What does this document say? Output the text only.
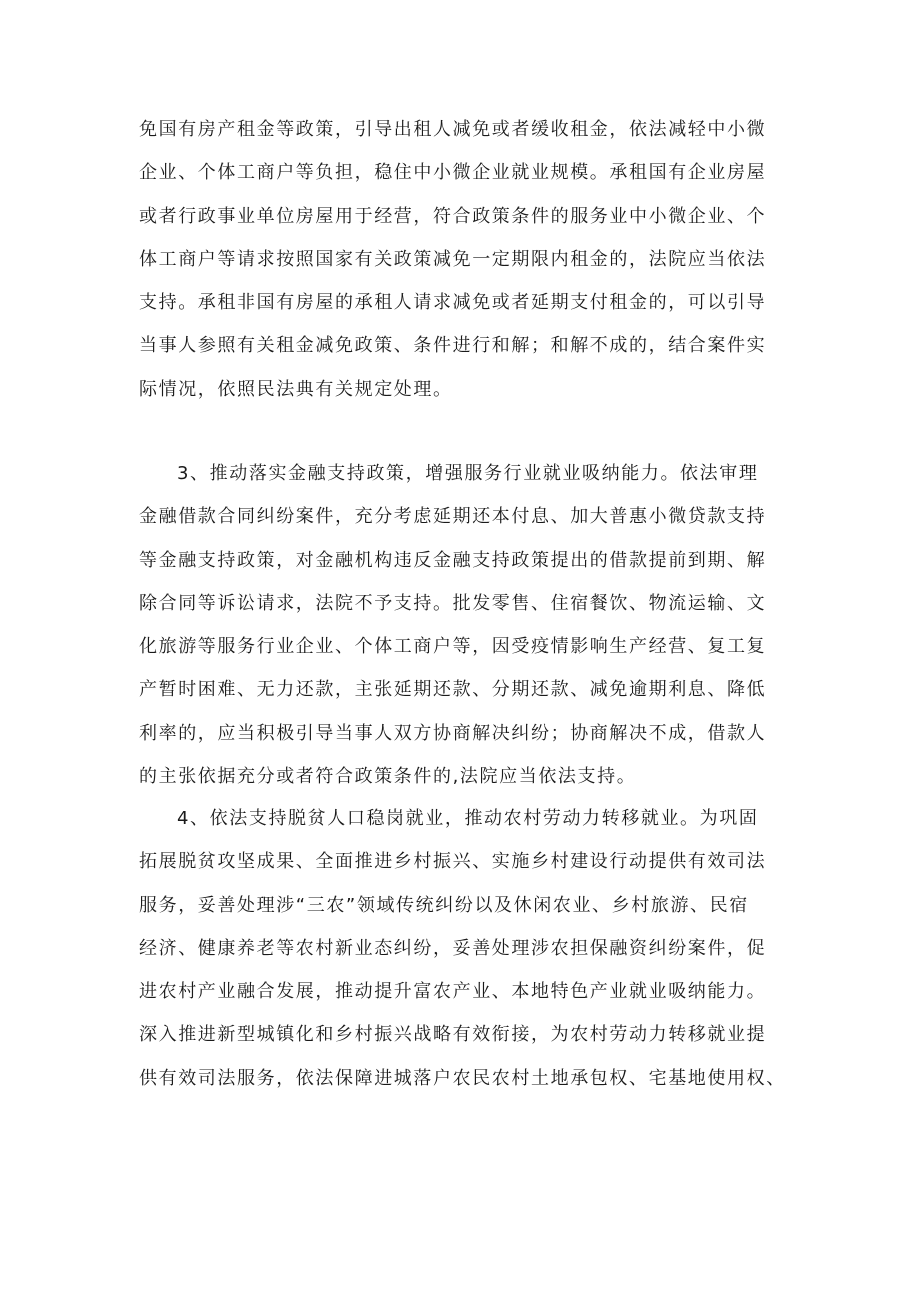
免国有房产租金等政策，引导出租人减免或者缓收租金，依法减轻中小微
企业、个体工商户等负担，稳住中小微企业就业规模。承租国有企业房屋
或者行政事业单位房屋用于经营，符合政策条件的服务业中小微企业、个
体工商户等请求按照国家有关政策减免一定期限内租金的，法院应当依法
支持。承租非国有房屋的承租人请求减免或者延期支付租金的，可以引导
当事人参照有关租金减免政策、条件进行和解；和解不成的，结合案件实
际情况，依照民法典有关规定处理。
3、推动落实金融支持政策，增强服务行业就业吸纳能力。依法审理
金融借款合同纠纷案件，充分考虑延期还本付息、加大普惠小微贷款支持
等金融支持政策，对金融机构违反金融支持政策提出的借款提前到期、解
除合同等诉讼请求，法院不予支持。批发零售、住宿餐饮、物流运输、文
化旅游等服务行业企业、个体工商户等，因受疫情影响生产经营、复工复
产暂时困难、无力还款，主张延期还款、分期还款、减免逾期利息、降低
利率的，应当积极引导当事人双方协商解决纠纷；协商解决不成，借款人
的主张依据充分或者符合政策条件的,法院应当依法支持。
4、依法支持脱贫人口稳岗就业，推动农村劳动力转移就业。为巩固
拓展脱贫攻坚成果、全面推进乡村振兴、实施乡村建设行动提供有效司法
服务，妥善处理涉“三农”领域传统纠纷以及休闲农业、乡村旅游、民宿
经济、健康养老等农村新业态纠纷，妥善处理涉农担保融资纠纷案件，促
进农村产业融合发展，推动提升富农产业、本地特色产业就业吸纳能力。
深入推进新型城镇化和乡村振兴战略有效衔接，为农村劳动力转移就业提
供有效司法服务，依法保障进城落户农民农村土地承包权、宅基地使用权、
